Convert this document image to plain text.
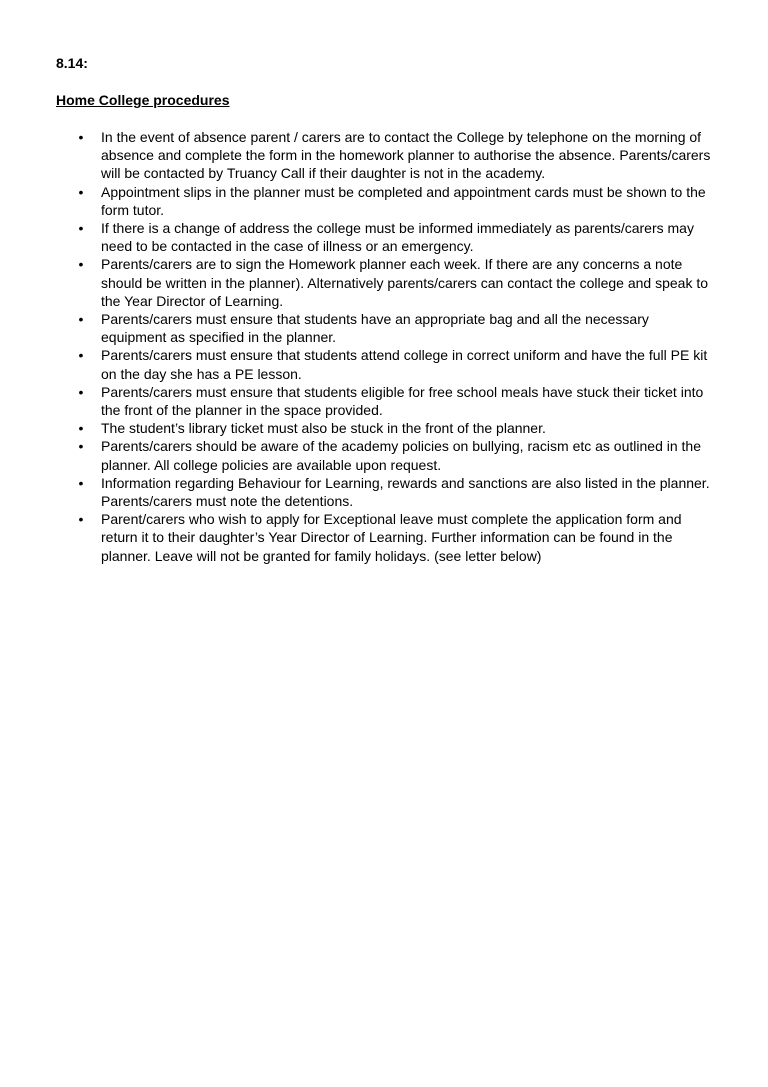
8.14:

Home College procedures

•	In the event of absence parent / carers are to contact the College by telephone on the morning of absence and complete the form in the homework planner to authorise the absence. Parents/carers will be contacted by Truancy Call if their daughter is not in the academy.
•	Appointment slips in the planner must be completed and appointment cards must be shown to the form tutor.
•	If there is a change of address the college must be informed immediately as parents/carers may need to be contacted in the case of illness or an emergency.
•	Parents/carers are to sign the Homework planner each week. If there are any concerns a note should be written in the planner). Alternatively parents/carers can contact the college and speak to the Year Director of Learning.
•	Parents/carers must ensure that students have an appropriate bag and all the necessary equipment as specified in the planner.
•	Parents/carers must ensure that students attend college in correct uniform and have the full PE kit on the day she has a PE lesson.
•	Parents/carers must ensure that students eligible for free school meals have stuck their ticket into the front of the planner in the space provided.
•	The student’s library ticket must also be stuck in the front of the planner.
•	Parents/carers should be aware of the academy policies on bullying, racism etc as outlined in the planner. All college policies are available upon request.
•	Information regarding Behaviour for Learning, rewards and sanctions are also listed in the planner. Parents/carers must note the detentions.
•	Parent/carers who wish to apply for Exceptional leave must complete the application form and return it to their daughter’s Year Director of Learning. Further information can be found in the planner. Leave will not be granted for family holidays. (see letter below)
